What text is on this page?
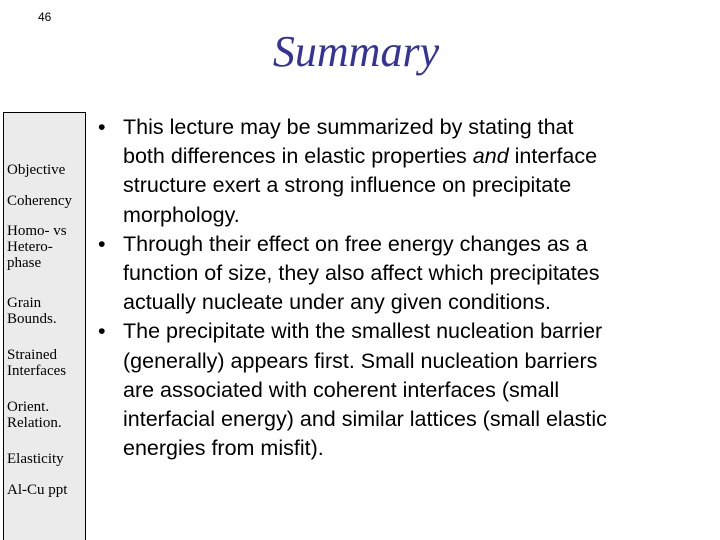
46
Summary
Objective
Coherency
Homo- vs
Hetero-
phase
Grain
Bounds.
Strained
Interfaces
Orient.
Relation.
Elasticity
Al-Cu ppt
• This lecture may be summarized by stating that
both differences in elastic properties and interface
structure exert a strong influence on precipitate
morphology.
• Through their effect on free energy changes as a
function of size, they also affect which precipitates
actually nucleate under any given conditions.
• The precipitate with the smallest nucleation barrier
(generally) appears first. Small nucleation barriers
are associated with coherent interfaces (small
interfacial energy) and similar lattices (small elastic
energies from misfit).
